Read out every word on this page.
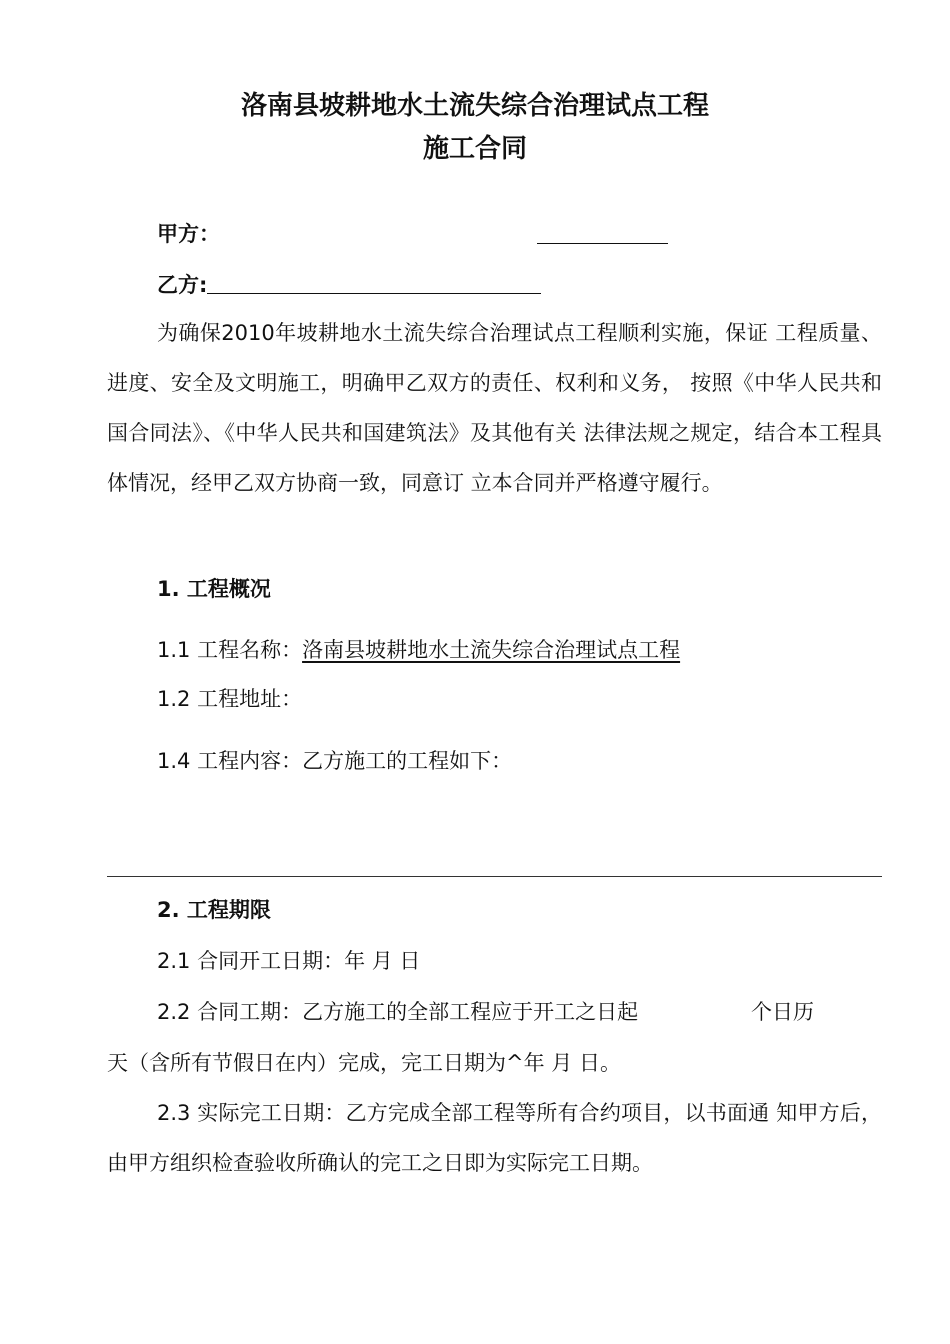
洛南县坡耕地水土流失综合治理试点工程
施工合同
甲方：
乙方:
为确保2010年坡耕地水土流失综合治理试点工程顺利实施，保证 工程质量、进度、安全及文明施工，明确甲乙双方的责任、权利和义务， 按照《中华人民共和国合同法》、《中华人民共和国建筑法》及其他有关 法律法规之规定，结合本工程具体情况，经甲乙双方协商一致，同意订 立本合同并严格遵守履行。
1. 工程概况
1.1 工程名称：洛南县坡耕地水土流失综合治理试点工程
1.2 工程地址：
1.4 工程内容：乙方施工的工程如下：
2. 工程期限
2.1 合同开工日期：年 月 日
2.2 合同工期：乙方施工的全部工程应于开工之日起	个日历
天（含所有节假日在内）完成，完工日期为^年 月 日。
2.3 实际完工日期：乙方完成全部工程等所有合约项目，以书面通 知甲方后，由甲方组织检查验收所确认的完工之日即为实际完工日期。
